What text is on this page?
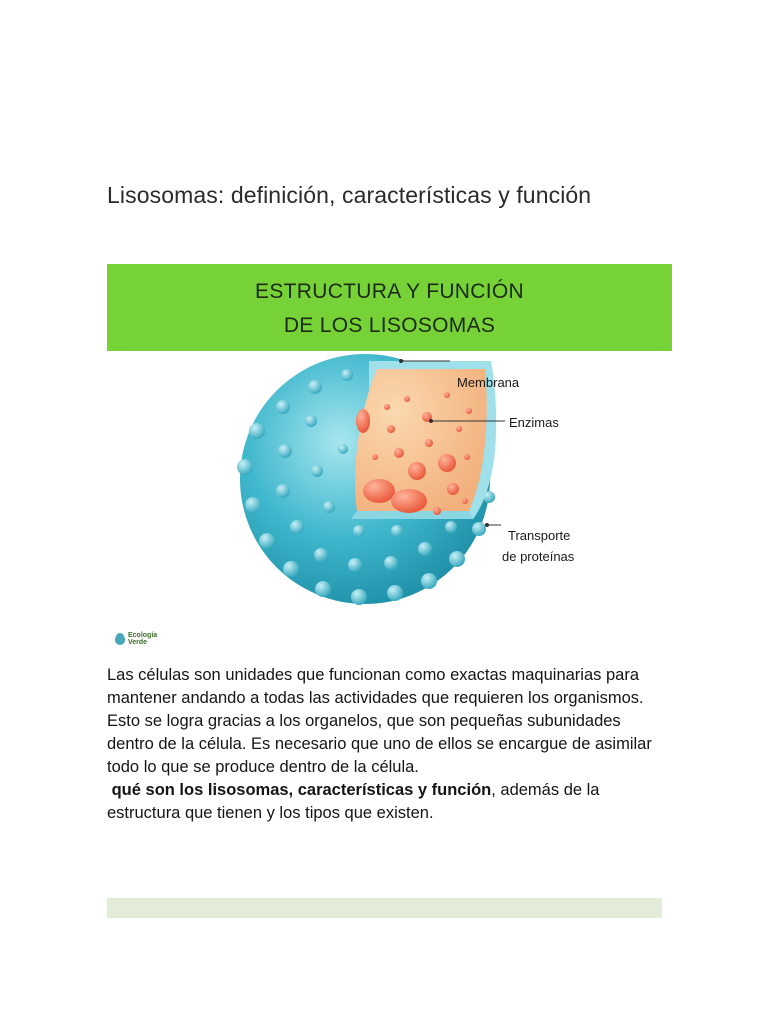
Lisosomas: definición, características y función
ESTRUCTURA Y FUNCIÓN
DE LOS LISOSOMAS
Membrana
Enzimas
Transporte
de proteínas
Ecología
Verde

Las células son unidades que funcionan como exactas maquinarias para mantener andando a todas las actividades que requieren los organismos. Esto se logra gracias a los organelos, que son pequeñas subunidades dentro de la célula. Es necesario que uno de ellos se encargue de asimilar todo lo que se produce dentro de la célula.

qué son los lisosomas, características y función, además de la estructura que tienen y los tipos que existen.
